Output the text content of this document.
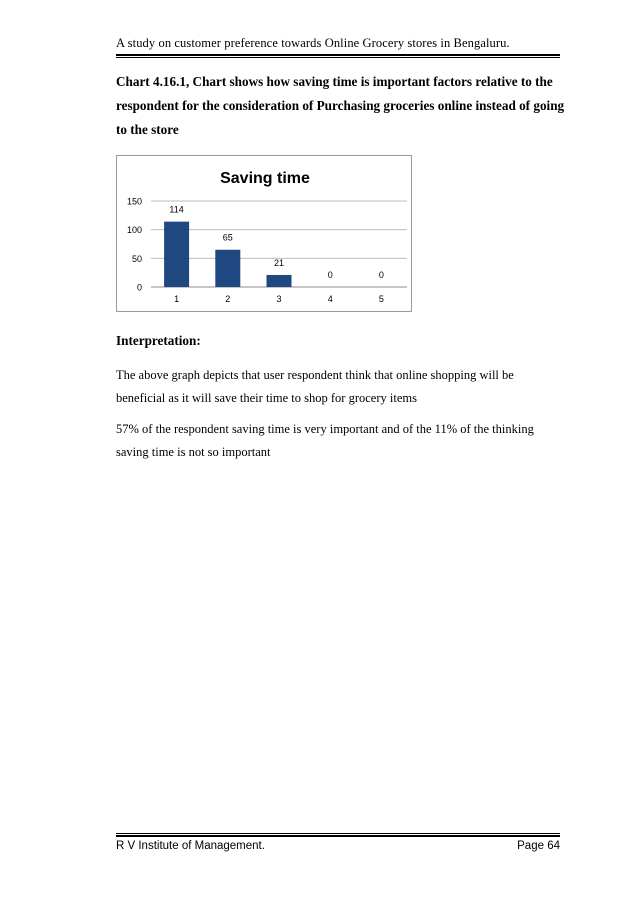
A study on customer preference towards Online Grocery stores in Bengaluru.
Chart 4.16.1, Chart shows how saving time is important factors relative to the respondent for the consideration of Purchasing groceries online instead of going to the store
Saving time
0
50
100
150
114
1
65
2
21
3
0
4
0
5
Interpretation:
The above graph depicts that user respondent think that online shopping will be beneficial as it will save their time to shop for grocery items
57% of the respondent saving time is very important and of the 11% of the thinking saving time is not so important
R V Institute of Management.	Page 64
